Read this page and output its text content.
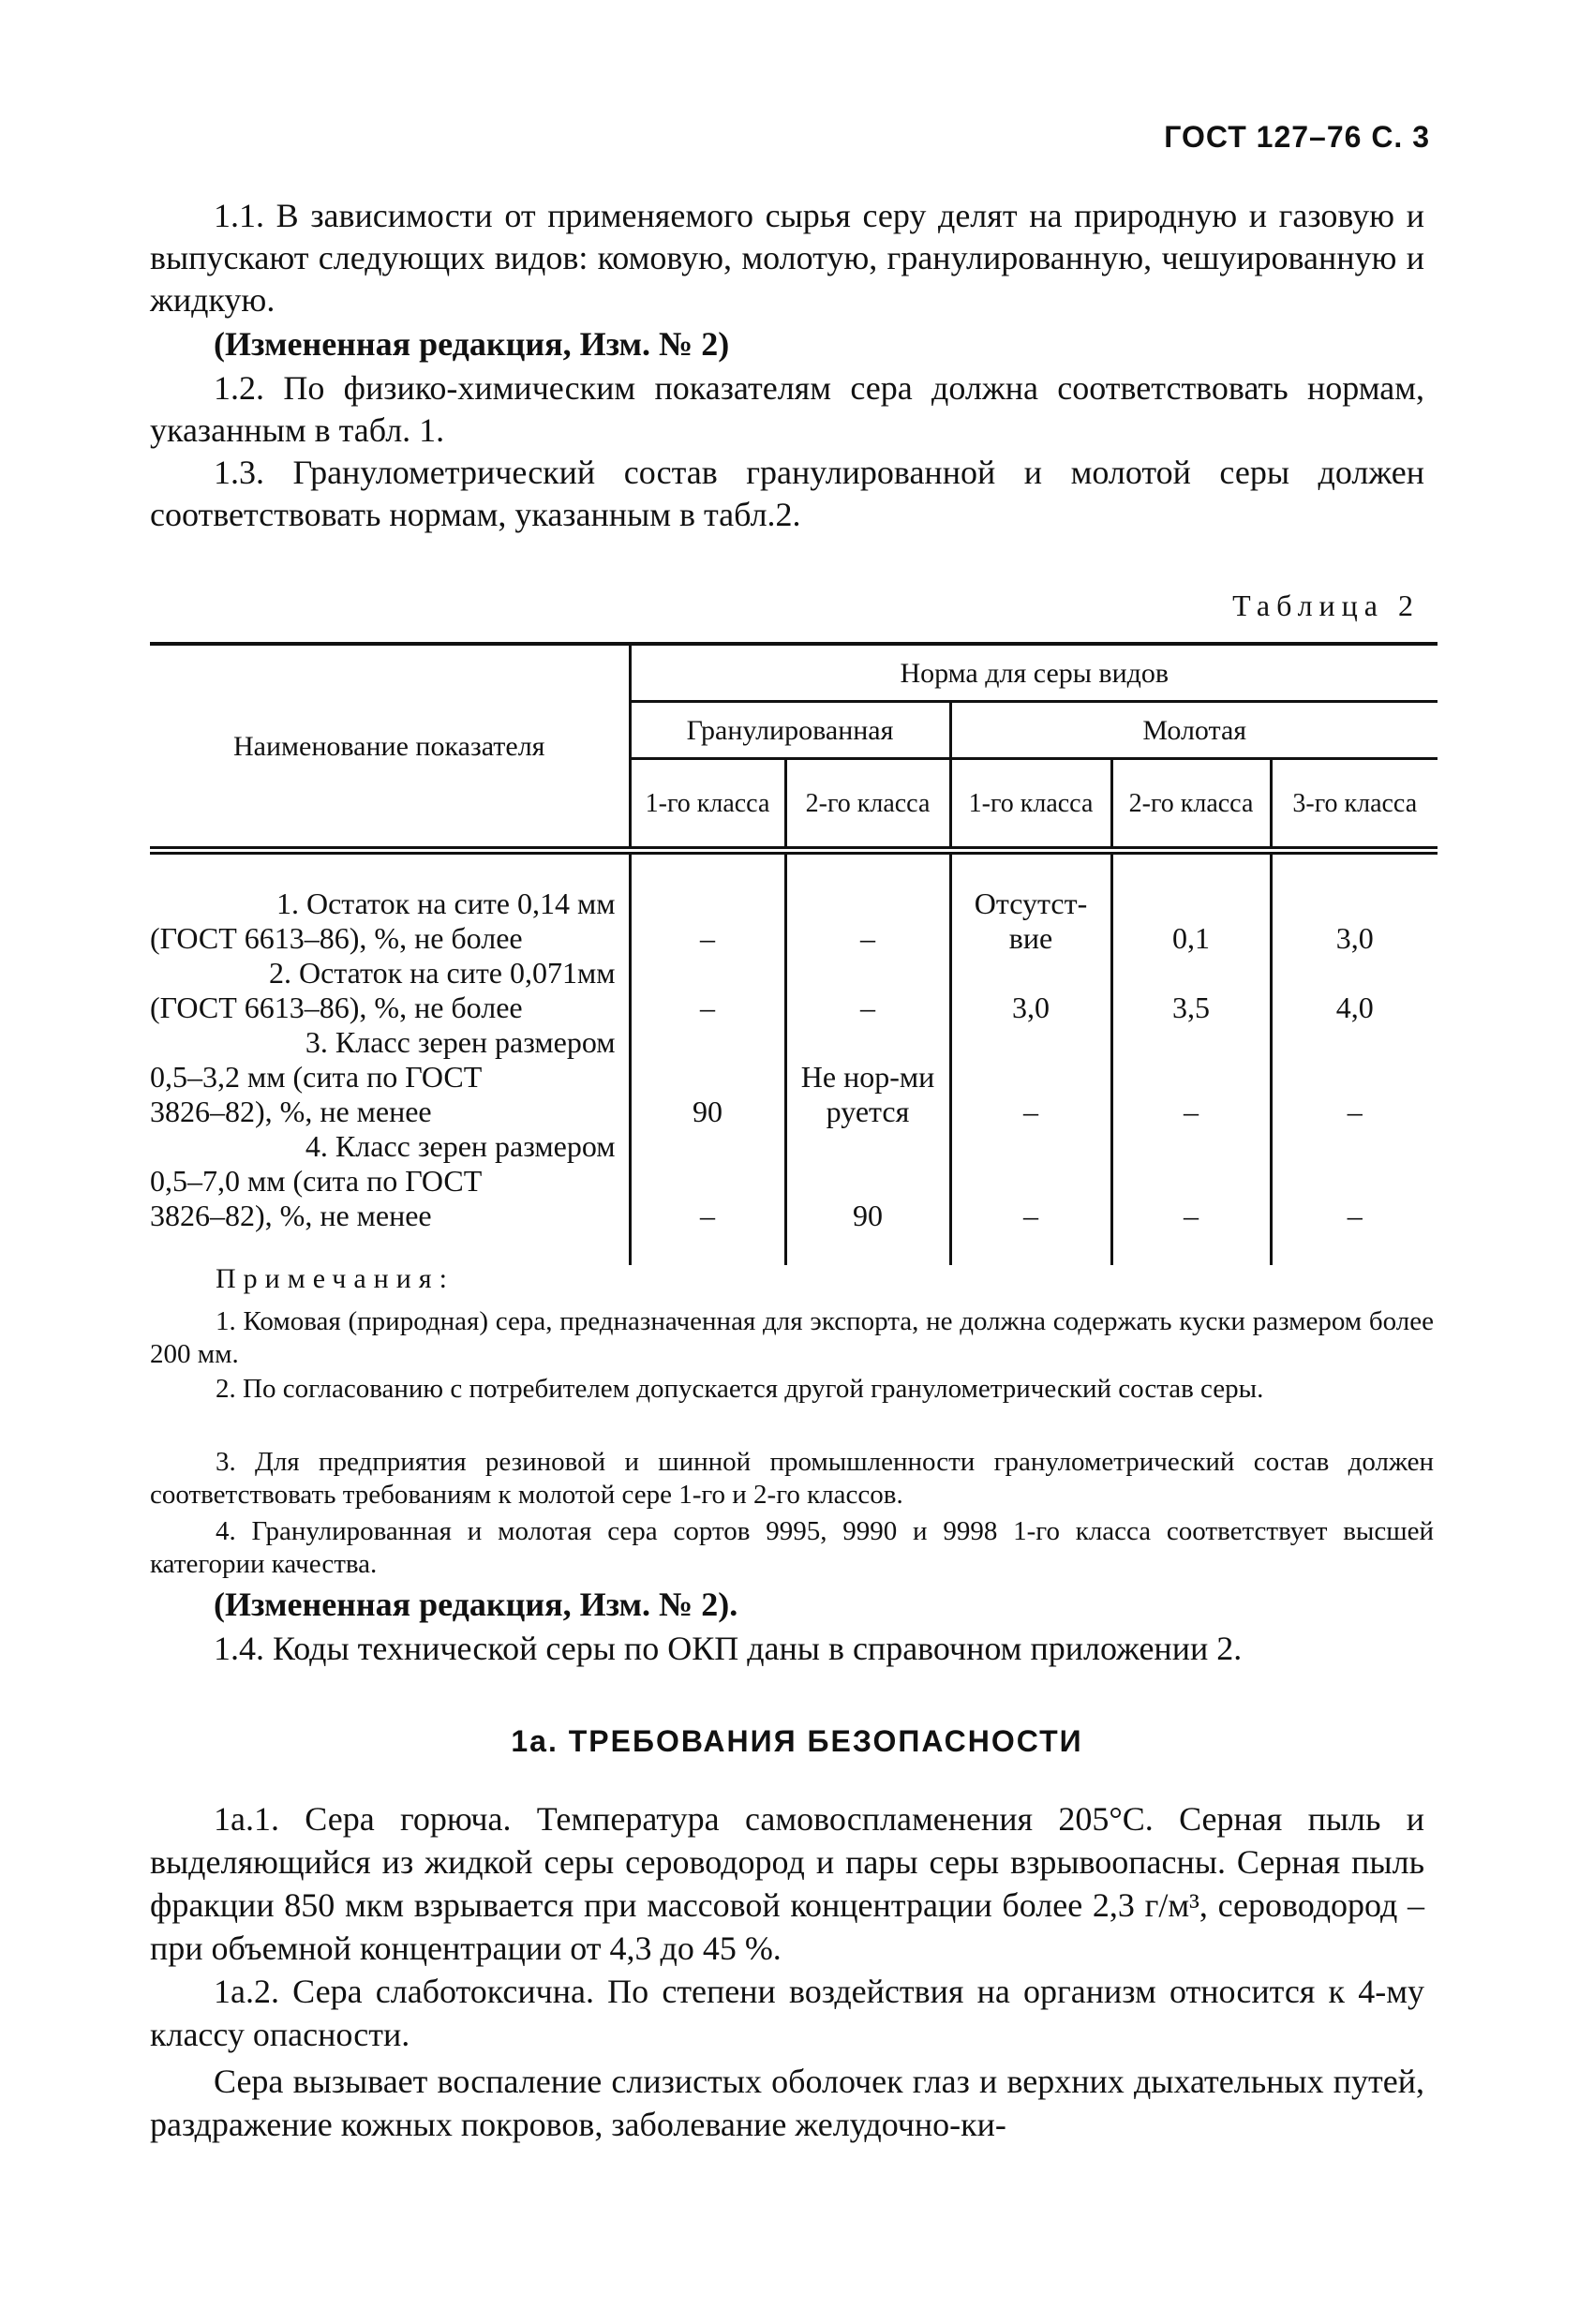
ГОСТ 127–76 С. 3

1.1. В зависимости от применяемого сырья серу делят на природную и газовую и выпускают следующих видов: комовую, молотую, гранулированную, чешуированную и жидкую.

(Измененная редакция, Изм. № 2)

1.2. По физико-химическим показателям сера должна соответствовать нормам, указанным в табл. 1.

1.3. Гранулометрический состав гранулированной и молотой серы должен соответствовать нормам, указанным в табл.2.

Таблица 2
Наименование показателя	Норма для серы видов				
	Гранулированная		Молотая		
	1-го класса	2-го класса	1-го класса	2-го класса	3-го класса

1. Остаток на сите 0,14 мм
(ГОСТ 6613–86), %, не более	–	–	Отсутст-вие	0,1	3,0

2. Остаток на сите 0,071мм
(ГОСТ 6613–86), %, не более	–	–	3,0	3,5	4,0

3. Класс зерен размером
0,5–3,2 мм (сита по ГОСТ
3826–82), %, не менее	90	Не нор-мируется	–	–	–

4. Класс зерен размером
0,5–7,0 мм (сита по ГОСТ
3826–82), %, не менее	–	90	–	–	–

Примечания:

1. Комовая (природная) сера, предназначенная для экспорта, не должна содержать куски размером более 200 мм.

2. По согласованию с потребителем допускается другой гранулометрический состав серы.

3. Для предприятия резиновой и шинной промышленности гранулометрический состав должен соответствовать требованиям к молотой сере 1-го и 2-го классов.

4. Гранулированная и молотая сера сортов 9995, 9990 и 9998 1-го класса соответствует высшей категории качества.

(Измененная редакция, Изм. № 2).

1.4. Коды технической серы по ОКП даны в справочном приложении 2.

1а. ТРЕБОВАНИЯ БЕЗОПАСНОСТИ

1а.1. Сера горюча. Температура самовоспламенения 205°С. Серная пыль и выделяющийся из жидкой серы сероводород и пары серы взрывоопасны. Серная пыль фракции 850 мкм взрывается при массовой концентрации более 2,3 г/м³, сероводород – при объемной концентрации от 4,3 до 45 %.

1а.2. Сера слаботоксична. По степени воздействия на организм относится к 4-му классу опасности.

Сера вызывает воспаление слизистых оболочек глаз и верхних дыхательных путей, раздражение кожных покровов, заболевание желудочно-ки-
